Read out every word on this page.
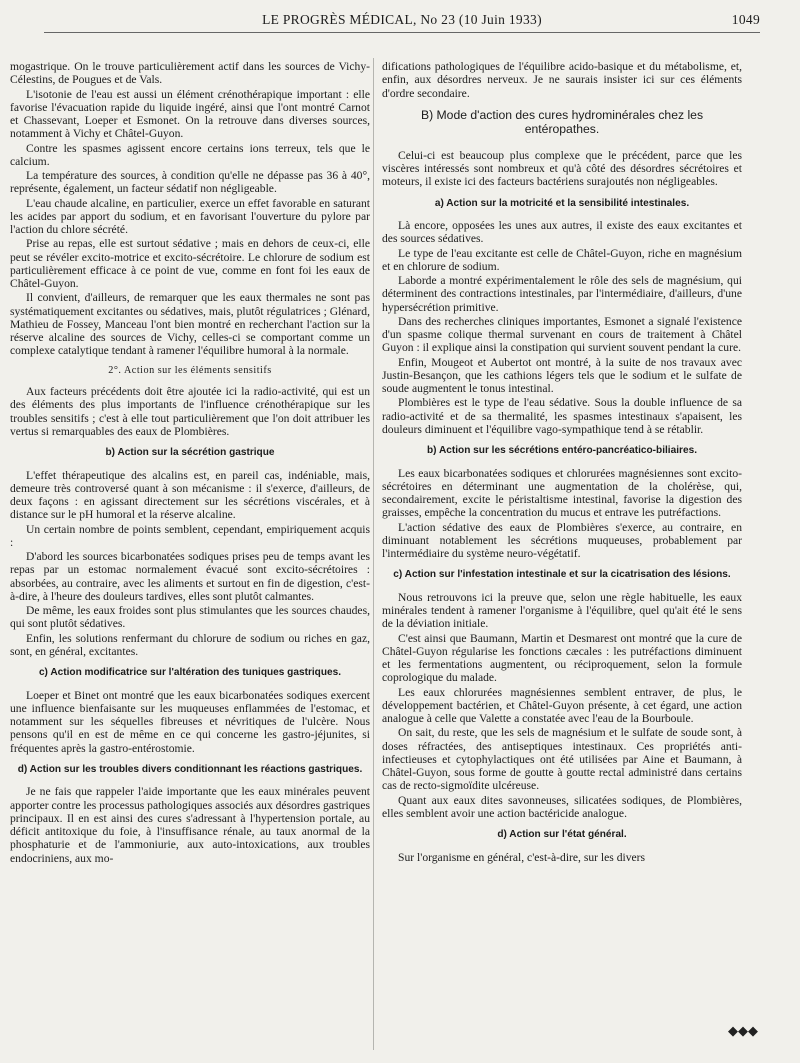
LE PROGRÈS MÉDICAL, No 23 (10 Juin 1933)	1049

mogastrique. On le trouve particulièrement actif dans les sources de Vichy-Célestins, de Pougues et de Vals.

L'isotonie de l'eau est aussi un élément crénothérapique important : elle favorise l'évacuation rapide du liquide ingéré, ainsi que l'ont montré Carnot et Chassevant, Loeper et Esmonet. On la retrouve dans diverses sources, notamment à Vichy et Châtel-Guyon.

Contre les spasmes agissent encore certains ions terreux, tels que le calcium.

La température des sources, à condition qu'elle ne dépasse pas 36 à 40°, représente, également, un facteur sédatif non négligeable.

L'eau chaude alcaline, en particulier, exerce un effet favorable en saturant les acides par apport du sodium, et en favorisant l'ouverture du pylore par l'action du chlore sécrété.

Prise au repas, elle est surtout sédative ; mais en dehors de ceux-ci, elle peut se révéler excito-motrice et excito-sécrétoire. Le chlorure de sodium est particulièrement efficace à ce point de vue, comme en font foi les eaux de Châtel-Guyon.

Il convient, d'ailleurs, de remarquer que les eaux thermales ne sont pas systématiquement excitantes ou sédatives, mais, plutôt régulatrices ; Glénard, Mathieu de Fossey, Manceau l'ont bien montré en recherchant l'action sur la réserve alcaline des sources de Vichy, celles-ci se comportant comme un complexe catalytique tendant à ramener l'équilibre humoral à la normale.

2°. Action sur les éléments sensitifs

Aux facteurs précédents doit être ajoutée ici la radio-activité, qui est un des éléments des plus importants de l'influence crénothérapique sur les troubles sensitifs ; c'est à elle tout particulièrement que l'on doit attribuer les vertus si remarquables des eaux de Plombières.

b) Action sur la sécrétion gastrique

L'effet thérapeutique des alcalins est, en pareil cas, indéniable, mais, demeure très controversé quant à son mécanisme : il s'exerce, d'ailleurs, de deux façons : en agissant directement sur les sécrétions viscérales, et à distance sur le pH humoral et la réserve alcaline.

Un certain nombre de points semblent, cependant, empiriquement acquis :

D'abord les sources bicarbonatées sodiques prises peu de temps avant les repas par un estomac normalement évacué sont excito-sécrétoires : absorbées, au contraire, avec les aliments et surtout en fin de digestion, c'est-à-dire, à l'heure des douleurs tardives, elles sont plutôt calmantes.

De même, les eaux froides sont plus stimulantes que les sources chaudes, qui sont plutôt sédatives.

Enfin, les solutions renfermant du chlorure de sodium ou riches en gaz, sont, en général, excitantes.

c) Action modificatrice sur l'altération des tuniques gastriques.

Loeper et Binet ont montré que les eaux bicarbonatées sodiques exercent une influence bienfaisante sur les muqueuses enflammées de l'estomac, et notamment sur les séquelles fibreuses et névritiques de l'ulcère. Nous pensons qu'il en est de même en ce qui concerne les gastro-jéjunites, si fréquentes après la gastro-entérostomie.

d) Action sur les troubles divers conditionnant les réactions gastriques.

Je ne fais que rappeler l'aide importante que les eaux minérales peuvent apporter contre les processus pathologiques associés aux désordres gastriques principaux. Il en est ainsi des cures s'adressant à l'hypertension portale, au déficit antitoxique du foie, à l'insuffisance rénale, au taux anormal de la phosphaturie et de l'ammoniurie, aux auto-intoxications, aux troubles endocriniens, aux mo-

difications pathologiques de l'équilibre acido-basique et du métabolisme, et, enfin, aux désordres nerveux. Je ne saurais insister ici sur ces éléments d'ordre secondaire.

B) Mode d'action des cures hydrominérales chez les entéropathes.

Celui-ci est beaucoup plus complexe que le précédent, parce que les viscères intéressés sont nombreux et qu'à côté des désordres sécrétoires et moteurs, il existe ici des facteurs bactériens surajoutés non négligeables.

a) Action sur la motricité et la sensibilité intestinales.

Là encore, opposées les unes aux autres, il existe des eaux excitantes et des sources sédatives.

Le type de l'eau excitante est celle de Châtel-Guyon, riche en magnésium et en chlorure de sodium.

Laborde a montré expérimentalement le rôle des sels de magnésium, qui déterminent des contractions intestinales, par l'intermédiaire, d'ailleurs, d'une hypersécrétion primitive.

Dans des recherches cliniques importantes, Esmonet a signalé l'existence d'un spasme colique thermal survenant en cours de traitement à Châtel Guyon : il explique ainsi la constipation qui survient souvent pendant la cure.

Enfin, Mougeot et Aubertot ont montré, à la suite de nos travaux avec Justin-Besançon, que les cathions légers tels que le sodium et le sulfate de soude augmentent le tonus intestinal.

Plombières est le type de l'eau sédative. Sous la double influence de sa radio-activité et de sa thermalité, les spasmes intestinaux s'apaisent, les douleurs diminuent et l'équilibre vago-sympathique tend à se rétablir.

b) Action sur les sécrétions entéro-pancréatico-biliaires.

Les eaux bicarbonatées sodiques et chlorurées magnésiennes sont excito-sécrétoires en déterminant une augmentation de la cholérèse, qui, secondairement, excite le péristaltisme intestinal, favorise la digestion des graisses, empêche la concentration du mucus et entrave les putréfactions.

L'action sédative des eaux de Plombières s'exerce, au contraire, en diminuant notablement les sécrétions muqueuses, probablement par l'intermédiaire du système neuro-végétatif.

c) Action sur l'infestation intestinale et sur la cicatrisation des lésions.

Nous retrouvons ici la preuve que, selon une règle habituelle, les eaux minérales tendent à ramener l'organisme à l'équilibre, quel qu'ait été le sens de la déviation initiale.

C'est ainsi que Baumann, Martin et Desmarest ont montré que la cure de Châtel-Guyon régularise les fonctions cæcales : les putréfactions diminuent et les fermentations augmentent, ou réciproquement, selon la formule coprologique du malade.

Les eaux chlorurées magnésiennes semblent entraver, de plus, le développement bactérien, et Châtel-Guyon présente, à cet égard, une action analogue à celle que Valette a constatée avec l'eau de la Bourboule.

On sait, du reste, que les sels de magnésium et le sulfate de soude sont, à doses réfractées, des antiseptiques intestinaux. Ces propriétés anti-infectieuses et cytophylactiques ont été utilisées par Aine et Baumann, à Châtel-Guyon, sous forme de goutte à goutte rectal administré dans certains cas de recto-sigmoïdite ulcéreuse.

Quant aux eaux dites savonneuses, silicatées sodiques, de Plombières, elles semblent avoir une action bactéricide analogue.

d) Action sur l'état général.

Sur l'organisme en général, c'est-à-dire, sur les divers

◆◆◆
